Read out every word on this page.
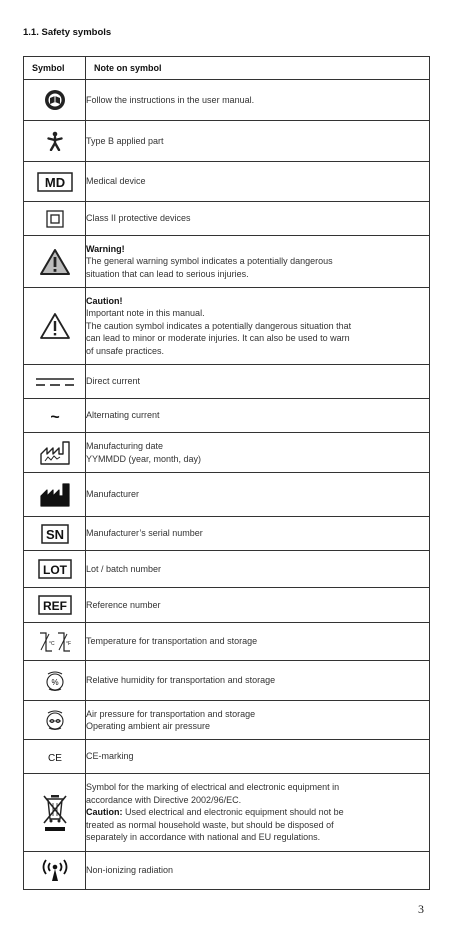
1.1. Safety symbols
Symbol	Note on symbol

Follow the instructions in the user manual.

Type B applied part

MD	Medical device

Class II protective devices

Warning!
The general warning symbol indicates a potentially dangerous
situation that can lead to serious injuries.

Caution!
Important note in this manual.
The caution symbol indicates a potentially dangerous situation that
can lead to minor or moderate injuries. It can also be used to warn
of unsafe practices.

Direct current

~	Alternating current

Manufacturing date
YYMMDD (year, month, day)

Manufacturer

SN	Manufacturer’s serial number

LOT	Lot / batch number

REF	Reference number

°C °F	Temperature for transportation and storage

%	Relative humidity for transportation and storage

Air pressure for transportation and storage
Operating ambient air pressure

CE	CE-marking

Symbol for the marking of electrical and electronic equipment in
accordance with Directive 2002/96/EC.
Caution: Used electrical and electronic equipment should not be
treated as normal household waste, but should be disposed of
separately in accordance with national and EU regulations.

Non-ionizing radiation
3
